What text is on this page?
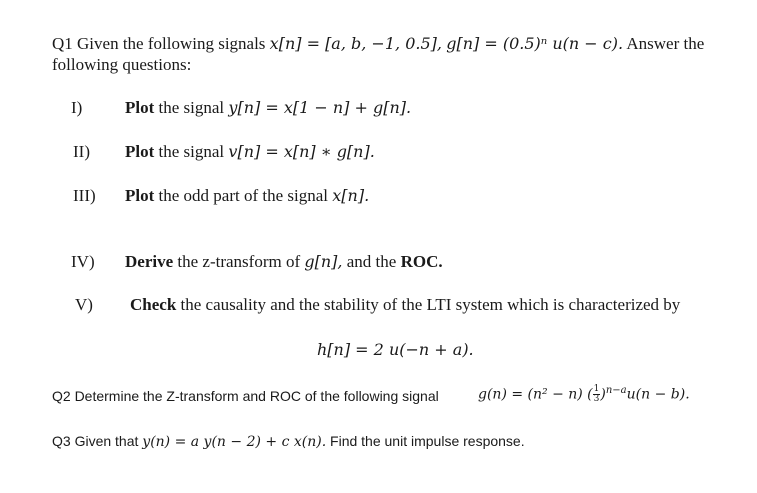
Q1 Given the following signals x[n] = [a, b, −1, 0.5], g[n] = (0.5)ⁿ u(n − c). Answer the
following questions:
I)	Plot the signal y[n] = x[1 − n] + g[n].
II) Plot the signal v[n] = x[n] ∗ g[n].
III) Plot the odd part of the signal x[n].
IV) Derive the z-transform of g[n], and the ROC.
V) Check the causality and the stability of the LTI system which is characterized by
h[n] = 2 u(−n + a).
Q2 Determine the Z-transform and ROC of the following signal	g(n) = (n² − n) ( $\frac{1}{3} )^{n-a}u(n - b)$.
Q3 Given that y(n) = a y(n − 2) + c x(n). Find the unit impulse response.
